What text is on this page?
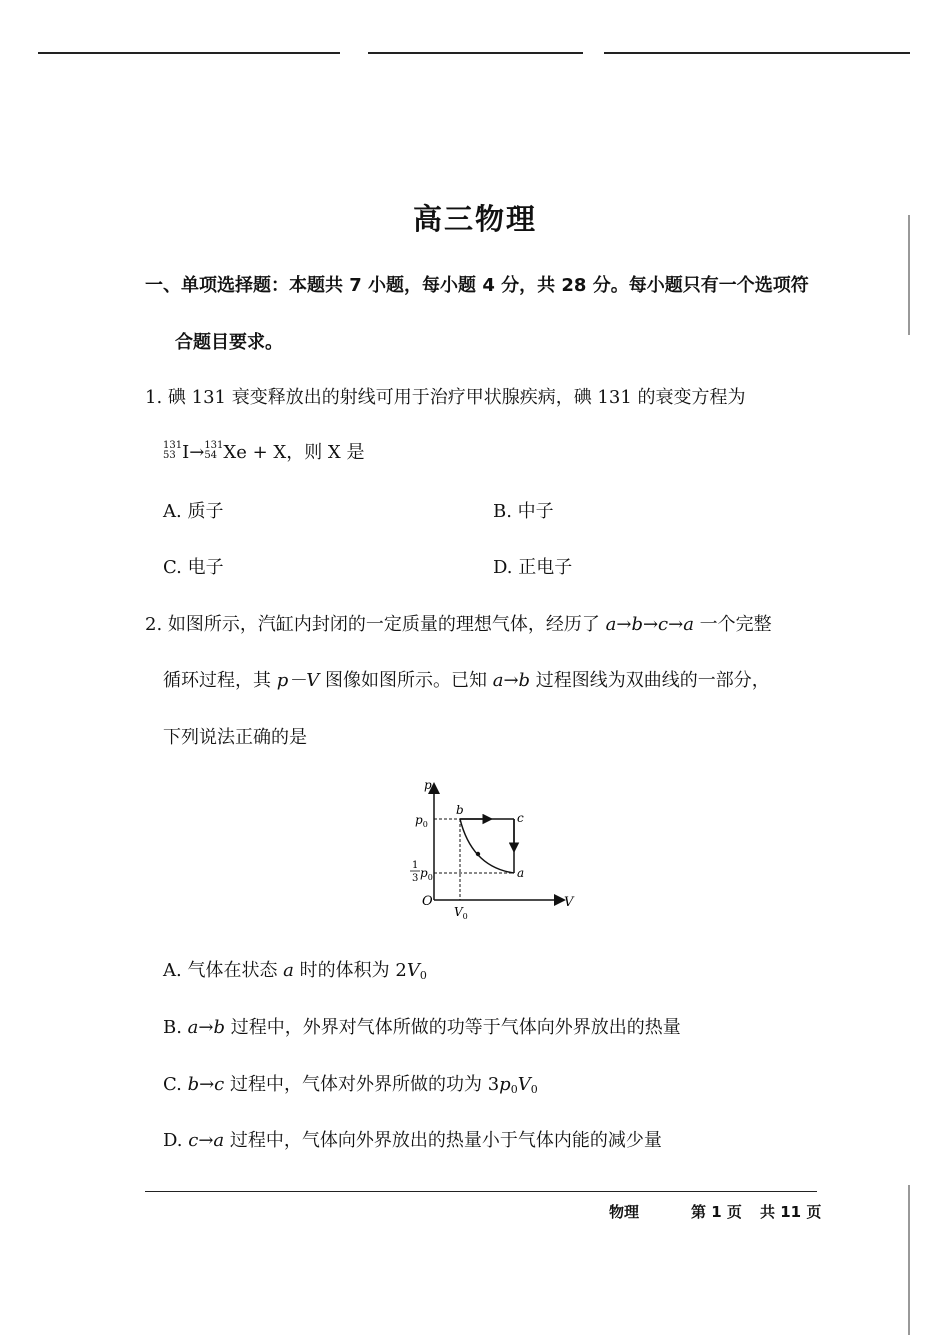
高三物理
一、单项选择题：本题共 7 小题，每小题 4 分，共 28 分。每小题只有一个选项符
合题目要求。
1. 碘 131 衰变释放出的射线可用于治疗甲状腺疾病，碘 131 的衰变方程为
131
53 I→ 131
54 Xe + X，则 X 是
A. 质子	B. 中子
C. 电子	D. 正电子
2. 如图所示，汽缸内封闭的一定质量的理想气体，经历了 a→b→c→a 一个完整
循环过程，其 p－V 图像如图所示。已知 a→b 过程图线为双曲线的一部分，
下列说法正确的是
p
V
O
$p_0$
1
3 $p_0$
$V_0$
b
c
a
A. 气体在状态 a 时的体积为 $2V_0$
B. a→b 过程中，外界对气体所做的功等于气体向外界放出的热量
C. b→c 过程中，气体对外界所做的功为 $3p_0V_0$
D. c→a 过程中，气体向外界放出的热量小于气体内能的减少量
物理	第 1 页 共 11 页
